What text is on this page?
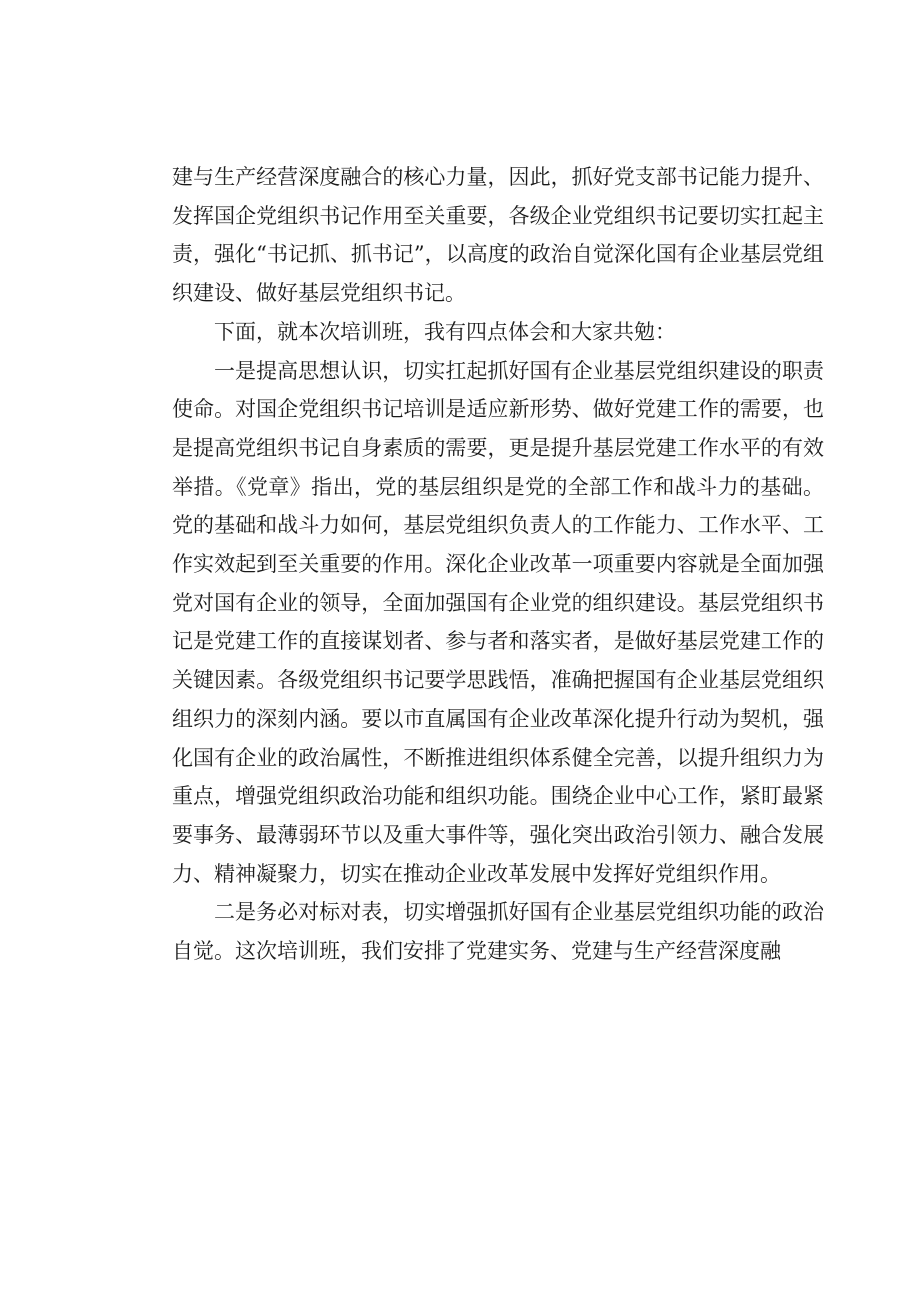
建与生产经营深度融合的核心力量，因此，抓好党支部书记能力提升、发挥国企党组织书记作用至关重要，各级企业党组织书记要切实扛起主责，强化“书记抓、抓书记”，以高度的政治自觉深化国有企业基层党组织建设、做好基层党组织书记。

下面，就本次培训班，我有四点体会和大家共勉：

一是提高思想认识，切实扛起抓好国有企业基层党组织建设的职责使命。对国企党组织书记培训是适应新形势、做好党建工作的需要，也是提高党组织书记自身素质的需要，更是提升基层党建工作水平的有效举措。《党章》指出，党的基层组织是党的全部工作和战斗力的基础。党的基础和战斗力如何，基层党组织负责人的工作能力、工作水平、工作实效起到至关重要的作用。深化企业改革一项重要内容就是全面加强党对国有企业的领导，全面加强国有企业党的组织建设。基层党组织书记是党建工作的直接谋划者、参与者和落实者，是做好基层党建工作的关键因素。各级党组织书记要学思践悟，准确把握国有企业基层党组织组织力的深刻内涵。要以市直属国有企业改革深化提升行动为契机，强化国有企业的政治属性，不断推进组织体系健全完善，以提升组织力为重点，增强党组织政治功能和组织功能。围绕企业中心工作，紧盯最紧要事务、最薄弱环节以及重大事件等，强化突出政治引领力、融合发展力、精神凝聚力，切实在推动企业改革发展中发挥好党组织作用。

二是务必对标对表，切实增强抓好国有企业基层党组织功能的政治自觉。这次培训班，我们安排了党建实务、党建与生产经营深度融
